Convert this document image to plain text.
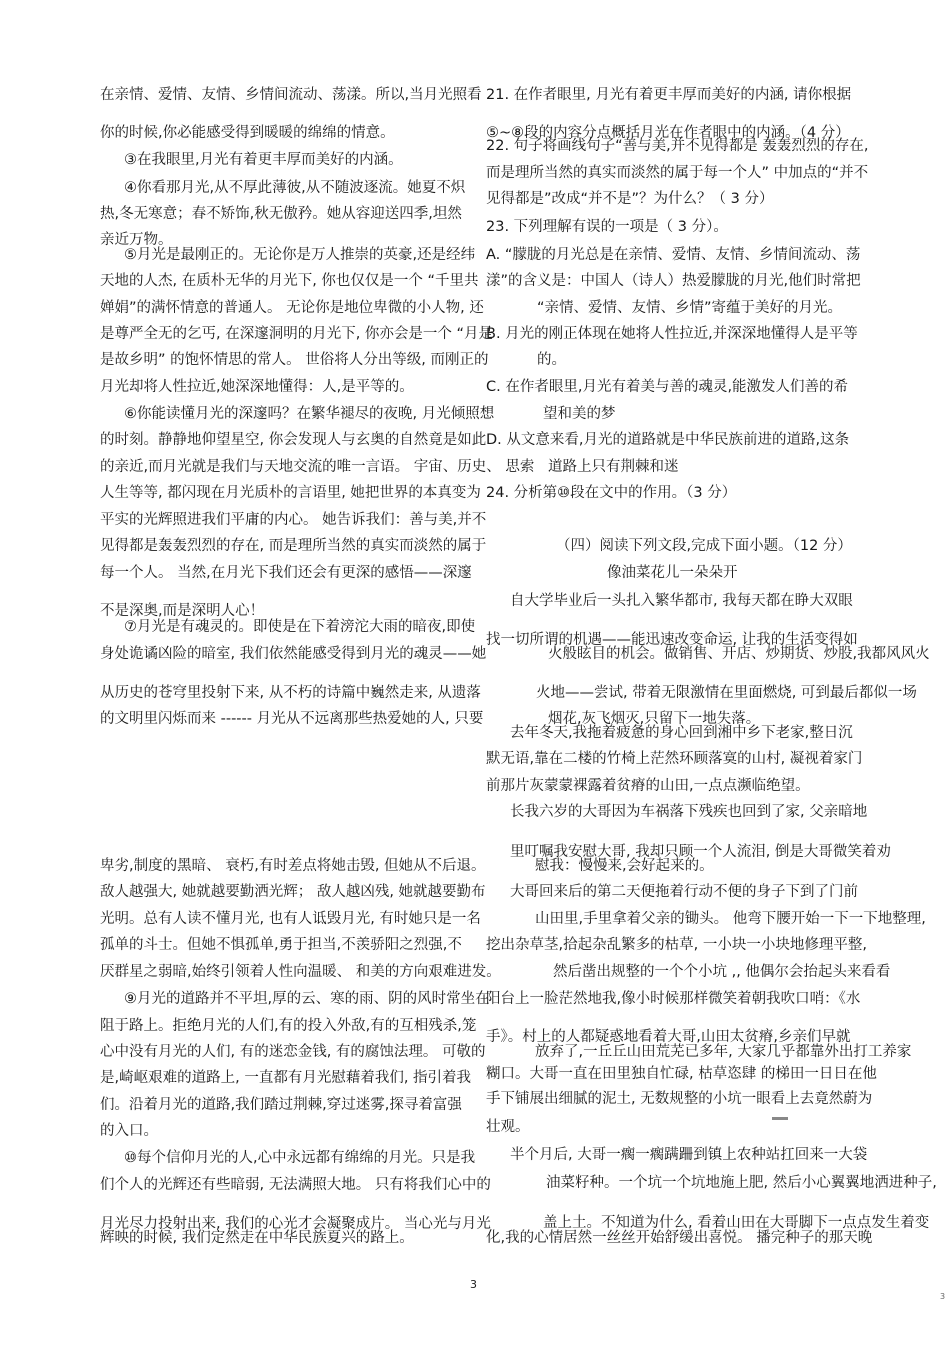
在亲情、爱情、友情、乡情间流动、荡漾。所以,当月光照看
你的时候,你必能感受得到暖暖的绵绵的情意。
③在我眼里,月光有着更丰厚而美好的内涵。
④你看那月光,从不厚此薄彼,从不随波逐流。她夏不炽
热,冬无寒意；春不矫饰,秋无傲矜。她从容迎送四季,坦然
亲近万物。
⑤月光是最刚正的。无论你是万人推崇的英豪,还是经纬
天地的人杰, 在质朴无华的月光下, 你也仅仅是一个 “千里共
婵娟”的满怀情意的普通人。 无论你是地位卑微的小人物, 还
是尊严全无的乞丐, 在深邃洞明的月光下, 你亦会是一个 “月是
是故乡明” 的饱怀情思的常人。 世俗将人分出等级, 而刚正的
月光却将人性拉近,她深深地懂得：人,是平等的。
⑥你能读懂月光的深邃吗？在繁华褪尽的夜晚, 月光倾照想
的时刻。静静地仰望星空, 你会发现人与玄奥的自然竟是如此
的亲近,而月光就是我们与天地交流的唯一言语。 宇宙、历史、 思索
人生等等, 都闪现在月光质朴的言语里, 她把世界的本真变为
平实的光辉照进我们平庸的内心。 她告诉我们：善与美,并不
见得都是轰轰烈烈的存在, 而是理所当然的真实而淡然的属于
每一个人。 当然,在月光下我们还会有更深的感悟——深邃
不是深奥,而是深明人心！
⑦月光是有魂灵的。即使是在下着滂沱大雨的暗夜,即使
身处诡谲凶险的暗室, 我们依然能感受得到月光的魂灵——她
从历史的苍穹里投射下来, 从不朽的诗篇中巍然走来, 从遗落
的文明里闪烁而来 ------ 月光从不远离那些热爱她的人, 只要
卑劣,制度的黑暗、 衰朽,有时差点将她击毁, 但她从不后退。
敌人越强大, 她就越要勤洒光辉； 敌人越凶残, 她就越要勤布
光明。总有人读不懂月光, 也有人诋毁月光, 有时她只是一名
孤单的斗士。但她不惧孤单,勇于担当,不羡骄阳之烈强,不
厌群星之弱暗,始终引领着人性向温暖、 和美的方向艰难进发。
⑨月光的道路并不平坦,厚的云、寒的雨、阴的风时常坐在
阻于路上。拒绝月光的人们,有的投入外敌,有的互相残杀,笼
心中没有月光的人们, 有的迷恋金钱, 有的腐蚀法理。 可敬的
是,崎岖艰难的道路上, 一直都有月光慰藉着我们, 指引着我
们。沿着月光的道路,我们踏过荆棘,穿过迷雾,探寻着富强
的入口。
⑩每个信仰月光的人,心中永远都有绵绵的月光。只是我
们个人的光辉还有些暗弱, 无法满照大地。 只有将我们心中的
月光尽力投射出来, 我们的心光才会凝聚成片。 当心光与月光
辉映的时候, 我们定然走在中华民族夏兴的路上。
21. 在作者眼里, 月光有着更丰厚而美好的内涵, 请你根据
⑤~⑧段的内容分点概括月光在作者眼中的内涵。（4 分）
22. 句子将画线句子“善与美,并不见得都是 轰轰烈烈的存在,
而是理所当然的真实而淡然的属于每一个人” 中加点的“并不
见得都是”改成“并不是”？为什么？（ 3 分）
23. 下列理解有误的一项是（ 3 分）。
A. “朦胧的月光总是在亲情、爱情、友情、乡情间流动、荡
漾”的含义是：中国人（诗人）热爱朦胧的月光,他们时常把
“亲情、爱情、友情、乡情”寄蕴于美好的月光。
B. 月光的刚正体现在她将人性拉近,并深深地懂得人是平等
的。
C. 在作者眼里,月光有着美与善的魂灵,能激发人们善的希
望和美的梦
D. 从文意来看,月光的道路就是中华民族前进的道路,这条
道路上只有荆棘和迷
24. 分析第⑩段在文中的作用。（3 分）
（四）阅读下列文段,完成下面小题。（12 分）
像油菜花儿一朵朵开
自大学毕业后一头扎入繁华都市, 我每天都在睁大双眼
找一切所谓的机遇——能迅速改变命运, 让我的生活变得如
火般眩目的机会。做销售、开店、炒期货、炒股,我都风风火
火地——尝试, 带着无限激情在里面燃烧, 可到最后都似一场
烟花,灰飞烟灭,只留下一地失落。
去年冬天,我拖着疲惫的身心回到湘中乡下老家,整日沉
默无语,靠在二楼的竹椅上茫然环顾落寞的山村, 凝视着家门
前那片灰蒙蒙裸露着贫瘠的山田,一点点濒临绝望。
长我六岁的大哥因为车祸落下残疾也回到了家, 父亲暗地
里叮嘱我安慰大哥, 我却只顾一个人流泪, 倒是大哥微笑着劝
慰我：慢慢来,会好起来的。
大哥回来后的第二天便拖着行动不便的身子下到了门前
山田里,手里拿着父亲的锄头。 他弯下腰开始一下一下地整理,
挖出杂草茎,拾起杂乱繁多的枯草, 一小块一小块地修理平整,
然后凿出规整的一个个小坑 ,, 他偶尔会抬起头来看看
阳台上一脸茫然地我,像小时候那样微笑着朝我吹口哨：《水
手》。村上的人都疑惑地看着大哥,山田太贫瘠,乡亲们早就
放弃了,一丘丘山田荒芜已多年, 大家几乎都靠外出打工养家
糊口。大哥一直在田里独自忙碌, 枯草恣肆 的梯田一日日在他
手下铺展出细腻的泥土, 无数规整的小坑一眼看上去竟然蔚为
壮观。
半个月后, 大哥一瘸一瘸蹒跚到镇上农种站扛回来一大袋
油菜籽种。一个坑一个坑地施上肥, 然后小心翼翼地洒进种子,
盖上土。不知道为什么, 看着山田在大哥脚下一点点发生着变
化,我的心情居然一丝丝开始舒缓出喜悦。 播完种子的那天晚
3
3
